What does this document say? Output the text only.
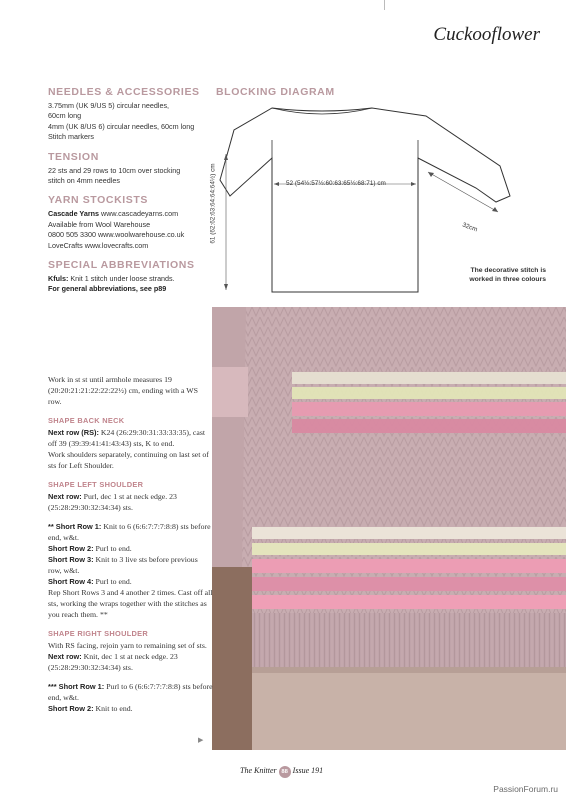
Cuckooflower
NEEDLES & ACCESSORIES
3.75mm (UK 9/US 5) circular needles,
60cm long
4mm (UK 8/US 6) circular needles, 60cm long
Stitch markers
TENSION
22 sts and 29 rows to 10cm over stocking
stitch on 4mm needles
YARN STOCKISTS
Cascade Yarns www.cascadeyarns.com
Available from Wool Warehouse
0800 505 3300 www.woolwarehouse.co.uk
LoveCrafts www.lovecrafts.com
SPECIAL ABBREVIATIONS
Kfuls: Knit 1 stitch under loose strands.
For general abbreviations, see p89
BLOCKING DIAGRAM
52 (54½:57½:60:63:65½:68:71) cm
61 (62:62:63:64:64:64½) cm	32cm
The decorative stitch is worked in three colours

Work in st st until armhole measures 19 (20:20:21:21:22:22:22½) cm, ending with a WS row.

SHAPE BACK NECK

Next row (RS): K24 (26:29:30:31:33:33:35), cast off 39 (39:39:41:41:43:43) sts, K to end.
Work shoulders separately, continuing on last set of sts for Left Shoulder.

SHAPE LEFT SHOULDER

Next row: Purl, dec 1 st at neck edge. 23 (25:28:29:30:32:34:34) sts.

** Short Row 1: Knit to 6 (6:6:7:7:7:8:8) sts before end, w&t.
Short Row 2: Purl to end.
Short Row 3: Knit to 3 live sts before previous row, w&t.
Short Row 4: Purl to end.
Rep Short Rows 3 and 4 another 2 times. Cast off all sts, working the wraps together with the stitches as you reach them. **

SHAPE RIGHT SHOULDER

With RS facing, rejoin yarn to remaining set of sts.
Next row: Knit, dec 1 st at neck edge. 23 (25:28:29:30:32:34:34) sts.

*** Short Row 1: Purl to 6 (6:6:7:7:7:8:8) sts before end, w&t.
Short Row 2: Knit to end.

▶
The Knitter 88 Issue 191
PassionForum.ru
